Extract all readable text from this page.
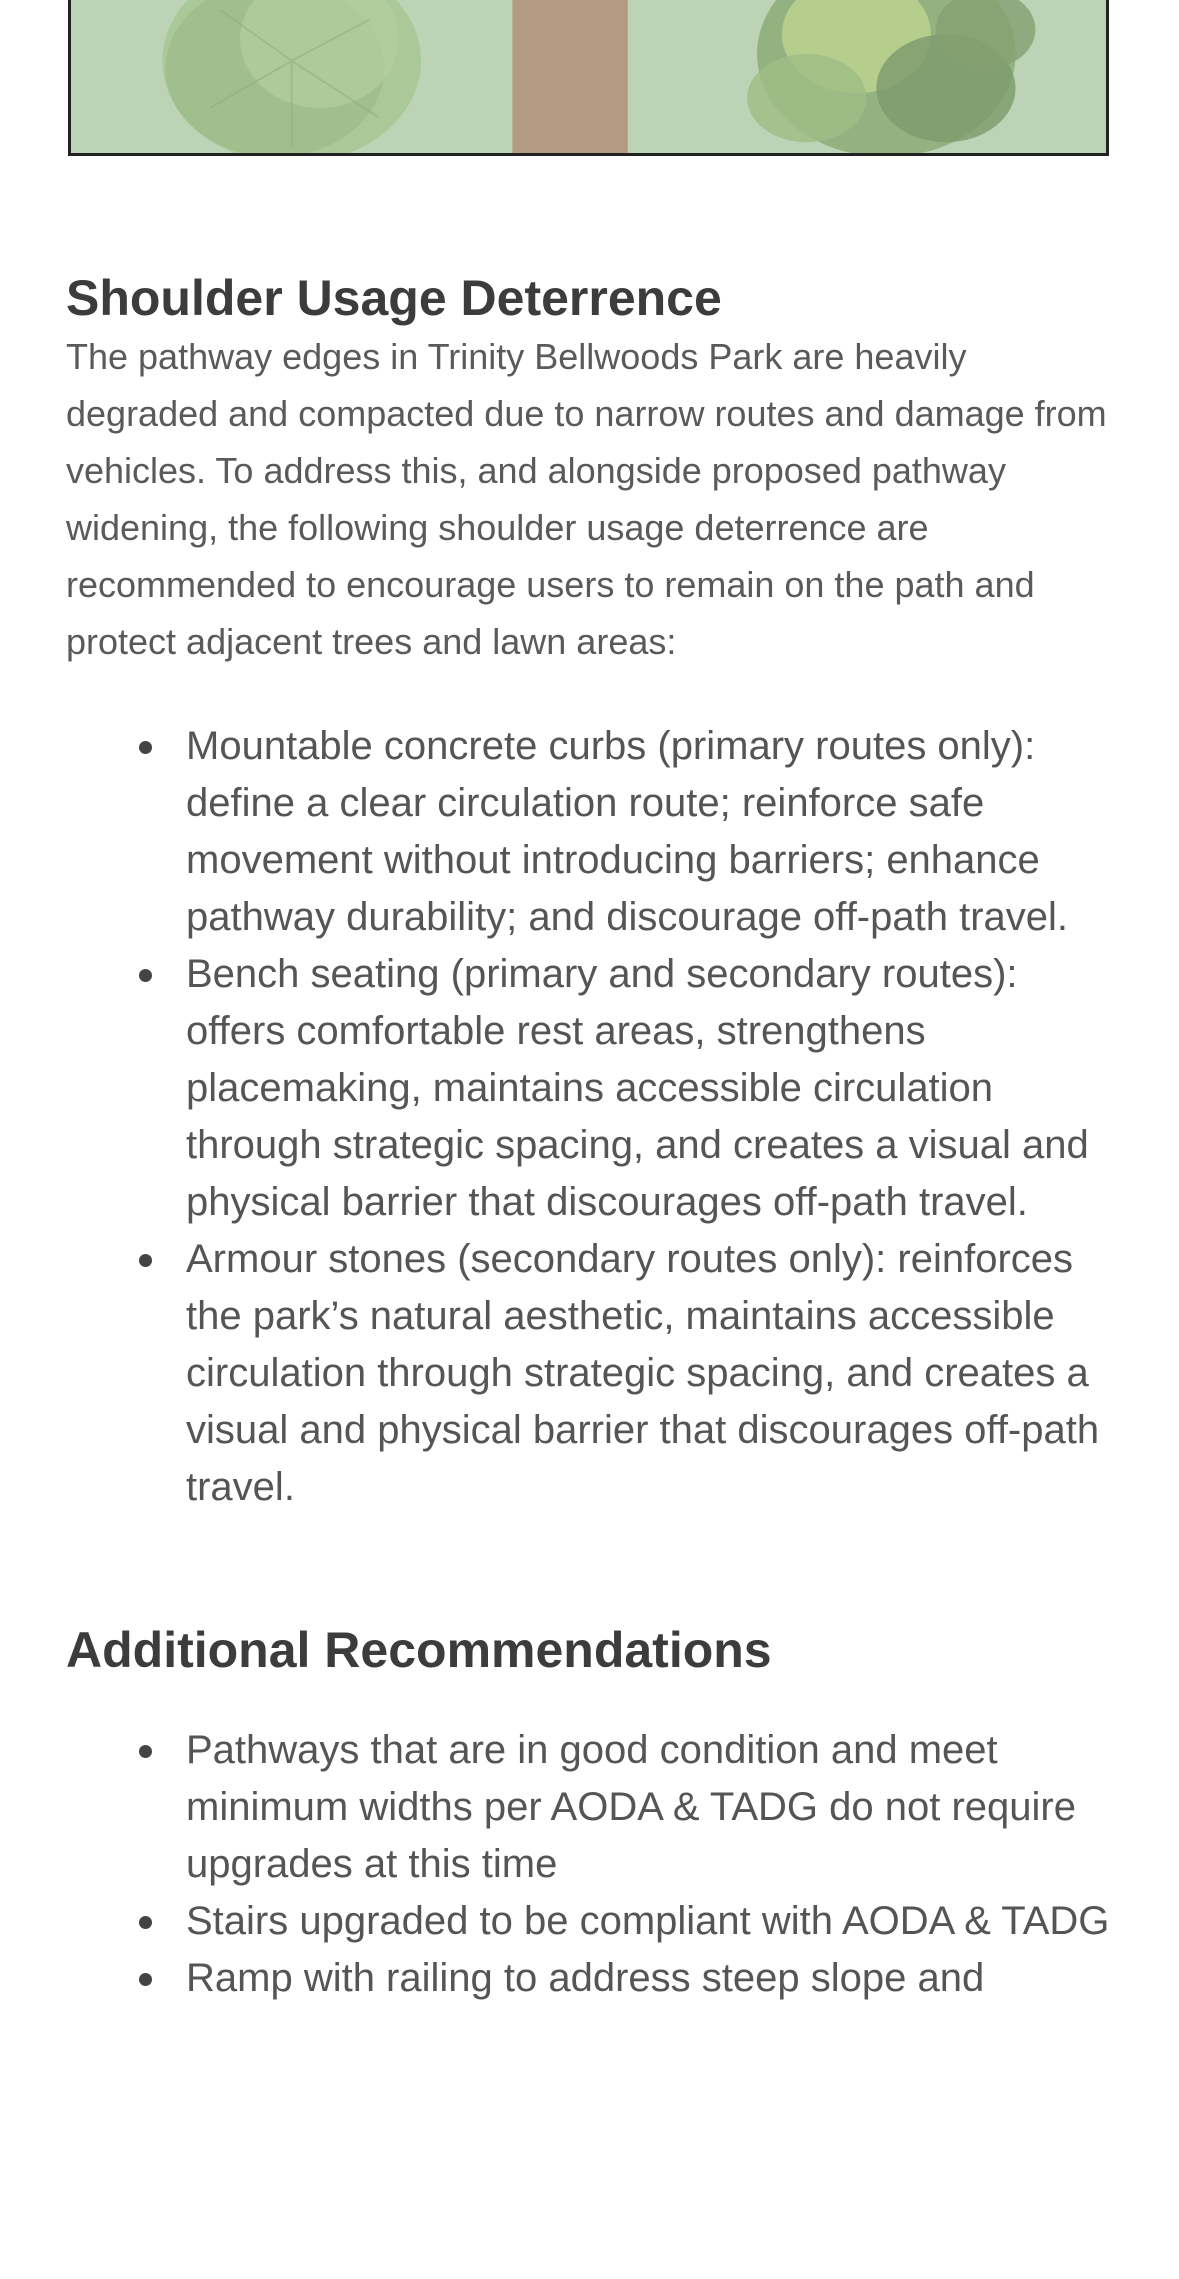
Shoulder Usage Deterrence

The pathway edges in Trinity Bellwoods Park are heavily degraded and compacted due to narrow routes and damage from vehicles. To address this, and alongside proposed pathway widening, the following shoulder usage deterrence are recommended to encourage users to remain on the path and protect adjacent trees and lawn areas:

Mountable concrete curbs (primary routes only): define a clear circulation route; reinforce safe movement without introducing barriers; enhance pathway durability; and discourage off-path travel.
Bench seating (primary and secondary routes): offers comfortable rest areas, strengthens placemaking, maintains accessible circulation through strategic spacing, and creates a visual and physical barrier that discourages off-path travel.
Armour stones (secondary routes only): reinforces the park’s natural aesthetic, maintains accessible circulation through strategic spacing, and creates a visual and physical barrier that discourages off-path travel.
Additional Recommendations
Pathways that are in good condition and meet minimum widths per AODA & TADG do not require upgrades at this time
Stairs upgraded to be compliant with AODA & TADG
Ramp with railing to address steep slope and
